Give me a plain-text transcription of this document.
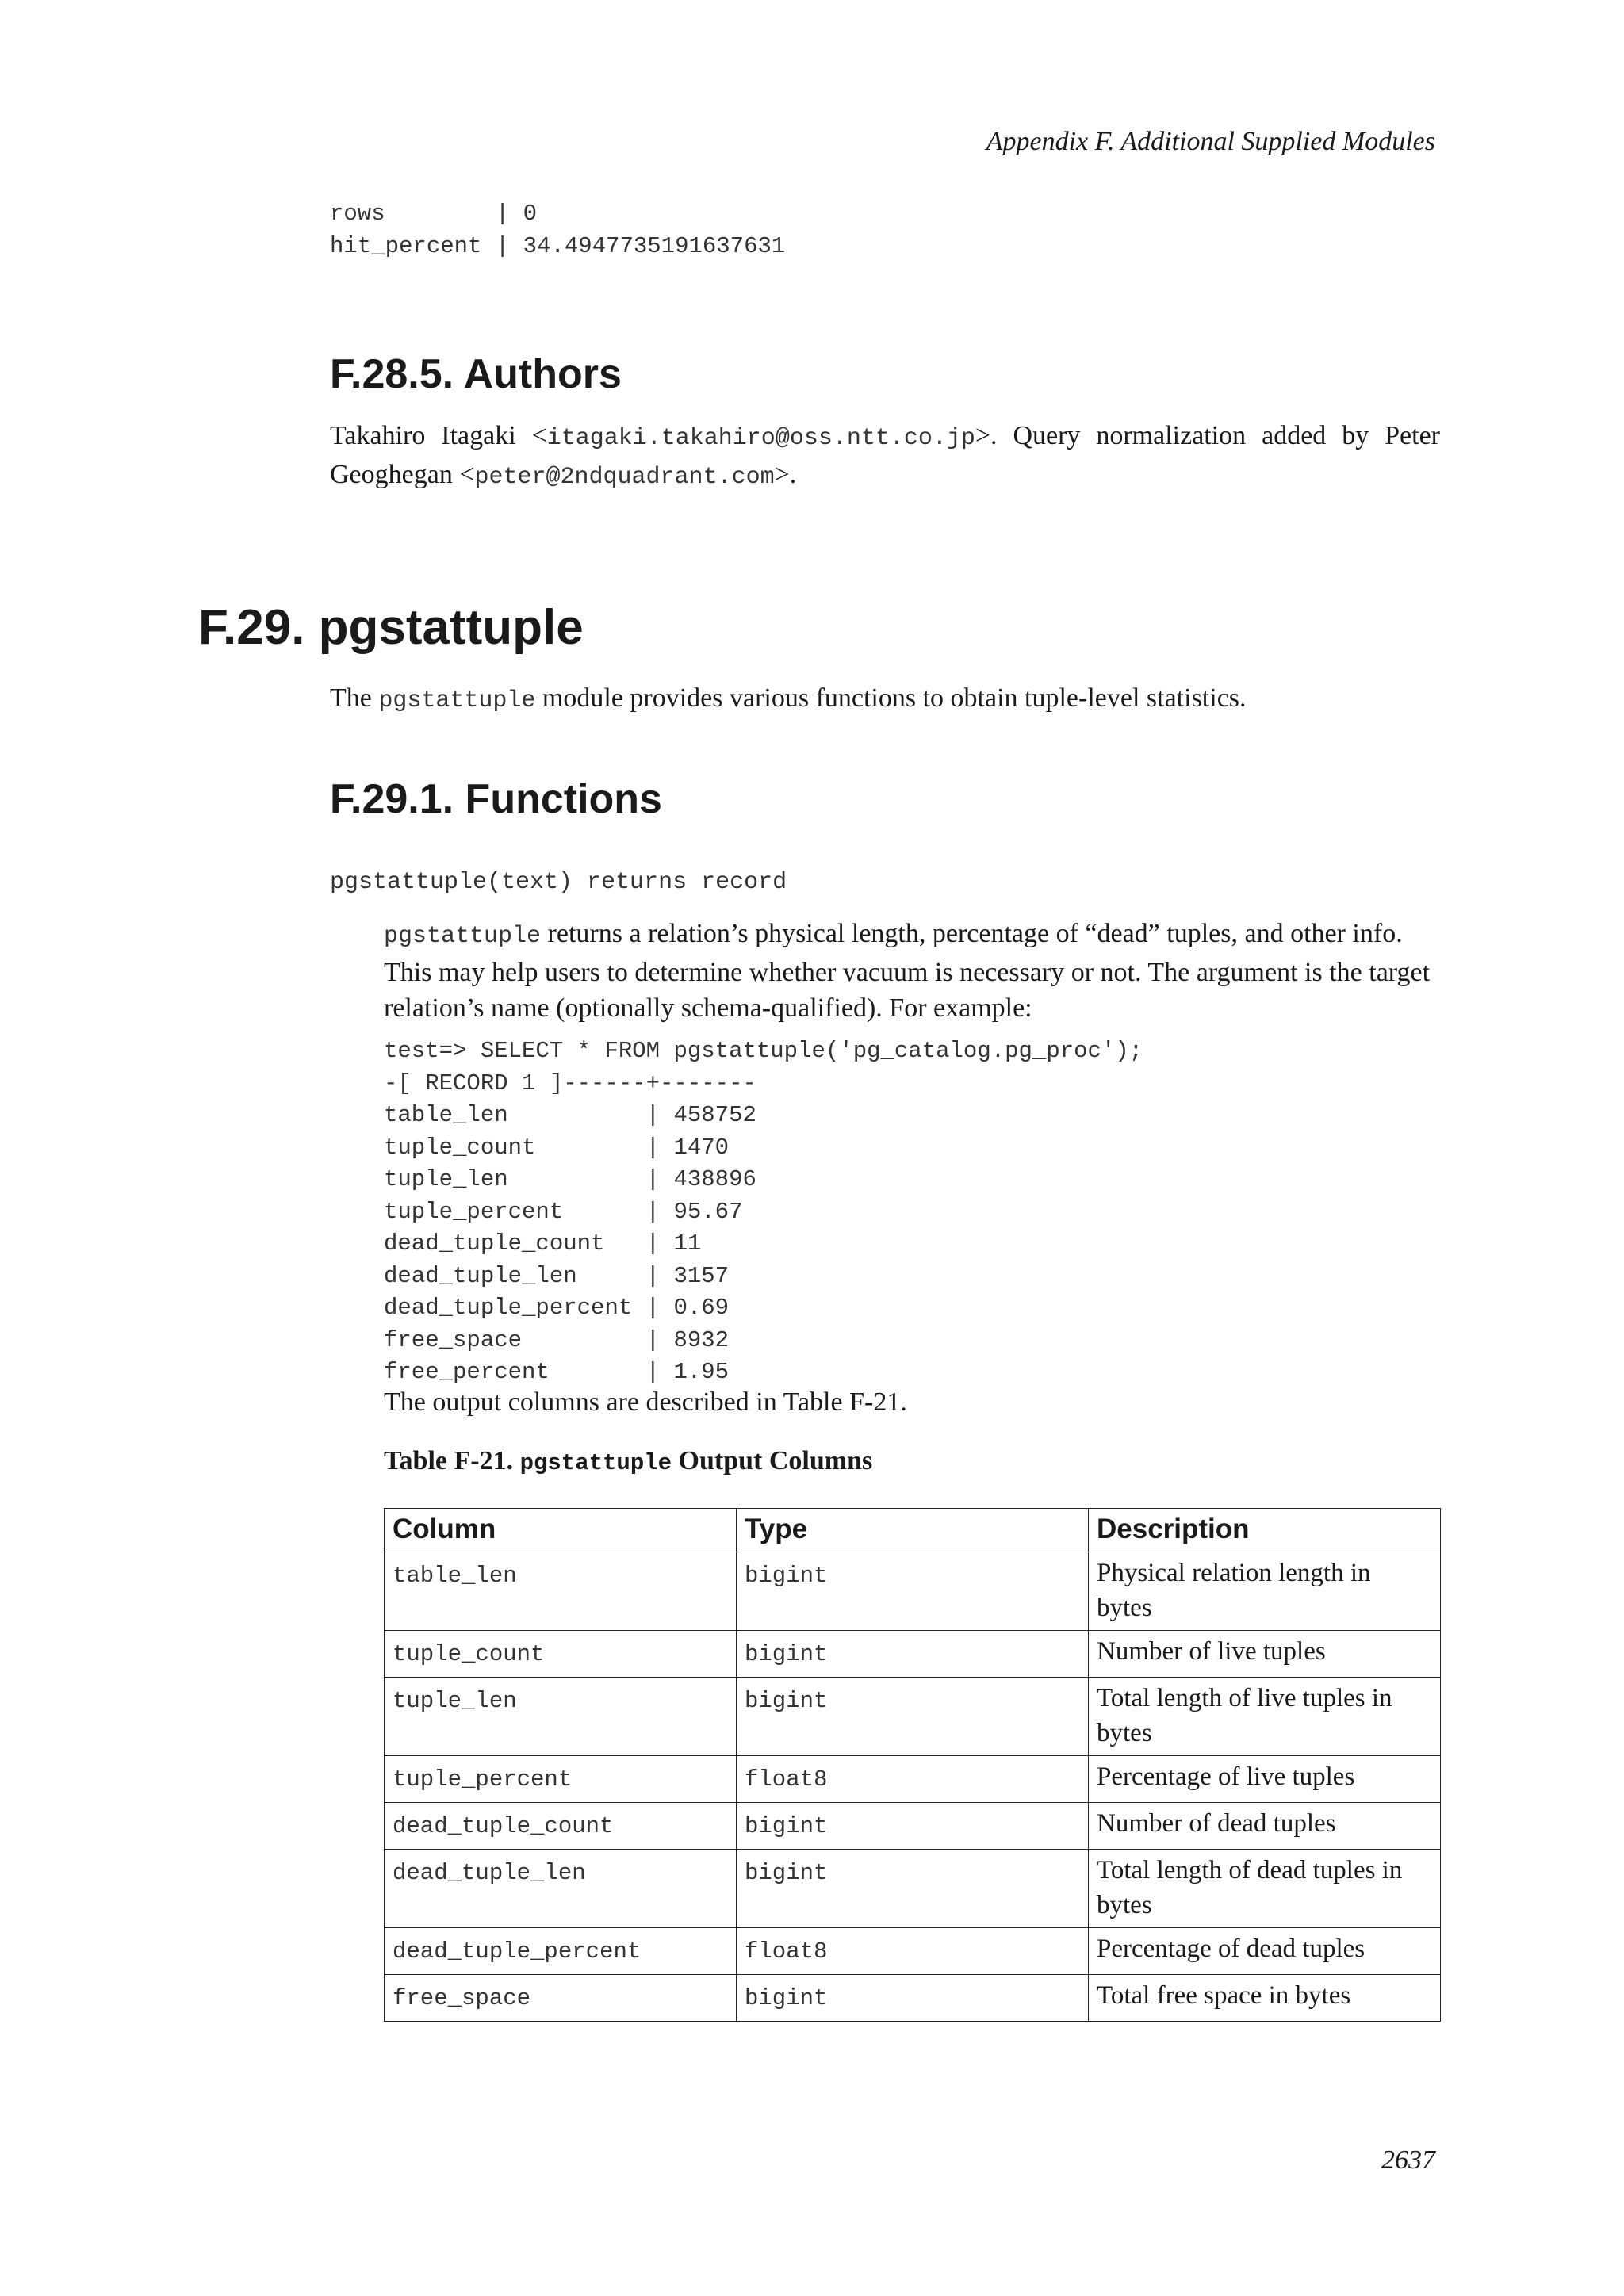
Appendix F. Additional Supplied Modules
rows        | 0
hit_percent | 34.4947735191637631
F.28.5. Authors

Takahiro Itagaki <itagaki.takahiro@oss.ntt.co.jp>. Query normalization added by Peter Geoghegan <peter@2ndquadrant.com>.

F.29. pgstattuple

The pgstattuple module provides various functions to obtain tuple-level statistics.

F.29.1. Functions
pgstattuple(text) returns record

pgstattuple returns a relation’s physical length, percentage of “dead” tuples, and other info. This may help users to determine whether vacuum is necessary or not. The argument is the target relation’s name (optionally schema-qualified). For example:

test=> SELECT * FROM pgstattuple('pg_catalog.pg_proc');
-[ RECORD 1 ]------+-------
table_len          | 458752
tuple_count        | 1470
tuple_len          | 438896
tuple_percent      | 95.67
dead_tuple_count   | 11
dead_tuple_len     | 3157
dead_tuple_percent | 0.69
free_space         | 8932
free_percent       | 1.95

The output columns are described in Table F-21.

Table F-21. pgstattuple Output Columns
Column	Type	Description
table_len	bigint	Physical relation length in bytes
tuple_count	bigint	Number of live tuples
tuple_len	bigint	Total length of live tuples in bytes
tuple_percent	float8	Percentage of live tuples
dead_tuple_count	bigint	Number of dead tuples
dead_tuple_len	bigint	Total length of dead tuples in bytes
dead_tuple_percent	float8	Percentage of dead tuples
free_space	bigint	Total free space in bytes
2637
